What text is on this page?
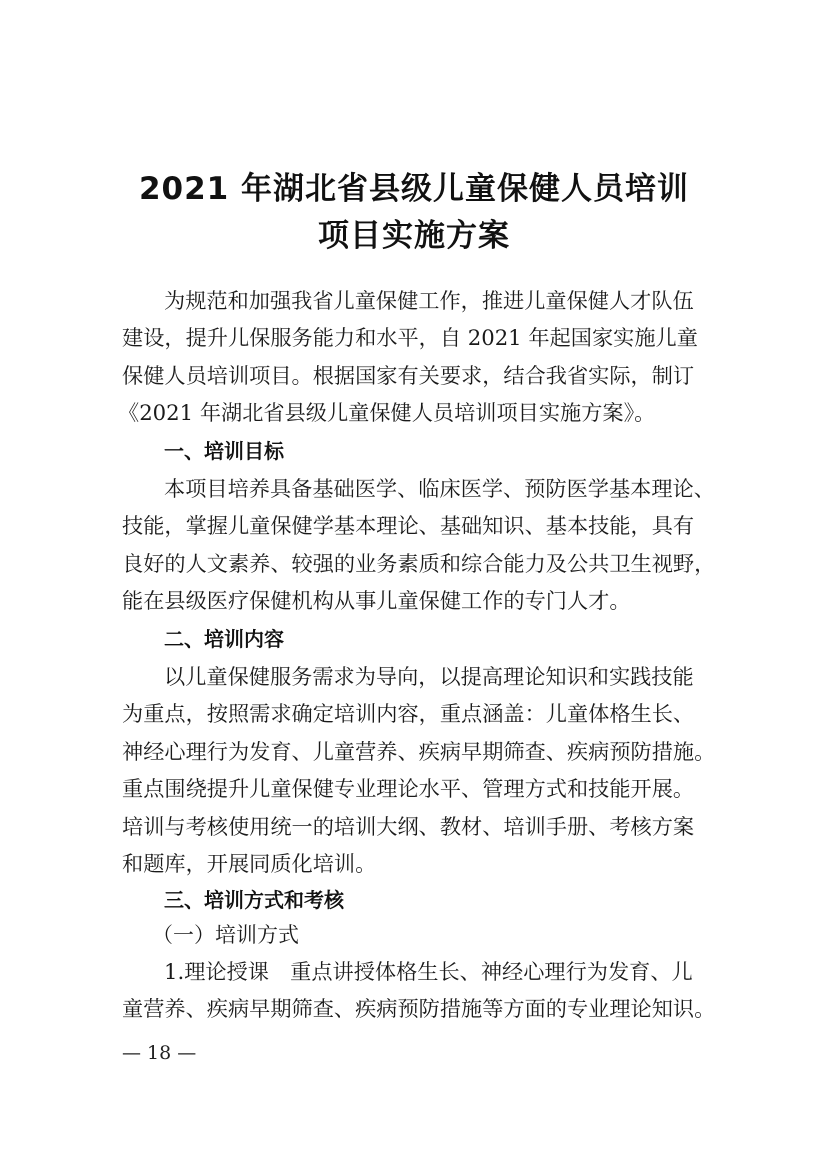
2021 年湖北省县级儿童保健人员培训
项目实施方案
为规范和加强我省儿童保健工作，推进儿童保健人才队伍
建设，提升儿保服务能力和水平，自 2021 年起国家实施儿童
保健人员培训项目。根据国家有关要求，结合我省实际，制订
《2021 年湖北省县级儿童保健人员培训项目实施方案》。
一、培训目标
本项目培养具备基础医学、临床医学、预防医学基本理论、
技能，掌握儿童保健学基本理论、基础知识、基本技能，具有
良好的人文素养、较强的业务素质和综合能力及公共卫生视野，
能在县级医疗保健机构从事儿童保健工作的专门人才。
二、培训内容
以儿童保健服务需求为导向，以提高理论知识和实践技能
为重点，按照需求确定培训内容，重点涵盖：儿童体格生长、
神经心理行为发育、儿童营养、疾病早期筛查、疾病预防措施。
重点围绕提升儿童保健专业理论水平、管理方式和技能开展。
培训与考核使用统一的培训大纲、教材、培训手册、考核方案
和题库，开展同质化培训。
三、培训方式和考核
（一）培训方式
1.理论授课　重点讲授体格生长、神经心理行为发育、儿
童营养、疾病早期筛查、疾病预防措施等方面的专业理论知识。
— 18 —
